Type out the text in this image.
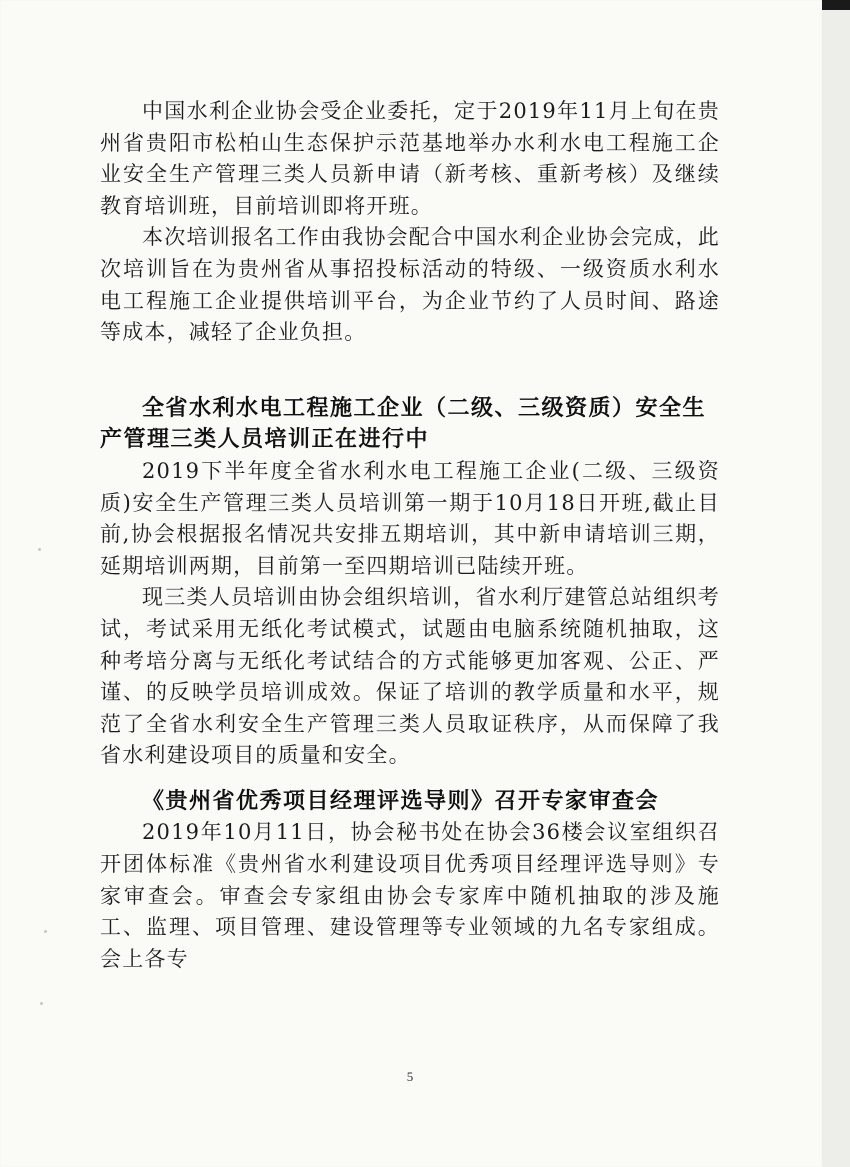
中国水利企业协会受企业委托，定于2019年11月上旬在贵州省贵阳市松柏山生态保护示范基地举办水利水电工程施工企业安全生产管理三类人员新申请（新考核、重新考核）及继续教育培训班，目前培训即将开班。

本次培训报名工作由我协会配合中国水利企业协会完成，此次培训旨在为贵州省从事招投标活动的特级、一级资质水利水电工程施工企业提供培训平台，为企业节约了人员时间、路途等成本，减轻了企业负担。

全省水利水电工程施工企业（二级、三级资质）安全生产管理三类人员培训正在进行中

2019下半年度全省水利水电工程施工企业(二级、三级资质)安全生产管理三类人员培训第一期于10月18日开班,截止目前,协会根据报名情况共安排五期培训，其中新申请培训三期，延期培训两期，目前第一至四期培训已陆续开班。

现三类人员培训由协会组织培训，省水利厅建管总站组织考试，考试采用无纸化考试模式，试题由电脑系统随机抽取，这种考培分离与无纸化考试结合的方式能够更加客观、公正、严谨、的反映学员培训成效。保证了培训的教学质量和水平，规范了全省水利安全生产管理三类人员取证秩序，从而保障了我省水利建设项目的质量和安全。

《贵州省优秀项目经理评选导则》召开专家审查会

2019年10月11日，协会秘书处在协会36楼会议室组织召开团体标准《贵州省水利建设项目优秀项目经理评选导则》专家审查会。审查会专家组由协会专家库中随机抽取的涉及施工、监理、项目管理、建设管理等专业领域的九名专家组成。会上各专

5
